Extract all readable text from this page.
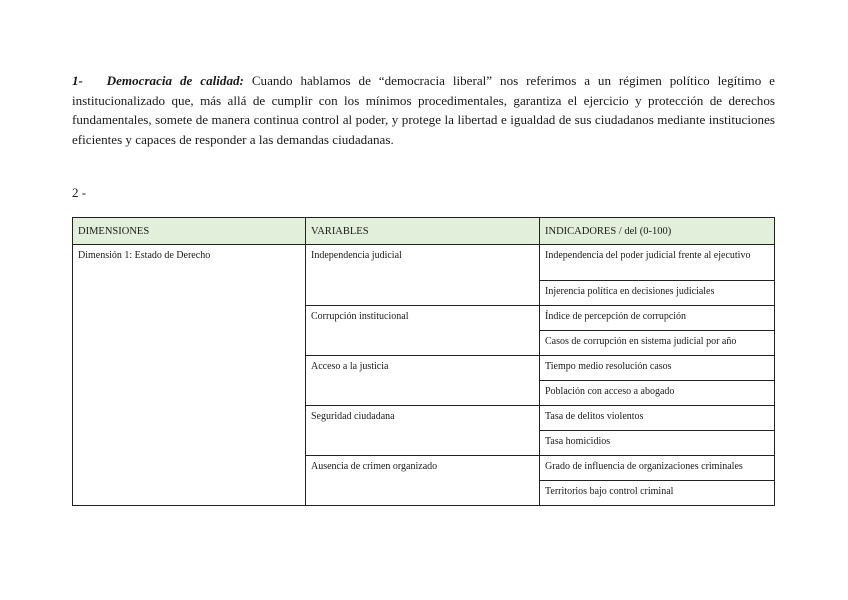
1- Democracia de calidad: Cuando hablamos de “democracia liberal” nos referimos a un régimen político legítimo e institucionalizado que, más allá de cumplir con los mínimos procedimentales, garantiza el ejercicio y protección de derechos fundamentales, somete de manera continua control al poder, y protege la libertad e igualdad de sus ciudadanos mediante instituciones eficientes y capaces de responder a las demandas ciudadanas.
2 -
DIMENSIONES	VARIABLES	INDICADORES / del (0-100)
Dimensión 1: Estado de Derecho	Independencia judicial	Independencia del poder judicial frente al ejecutivo
		Injerencia política en decisiones judiciales
	Corrupción institucional	Índice de percepción de corrupción
		Casos de corrupción en sistema judicial por año
	Acceso a la justicia	Tiempo medio resolución casos
		Población con acceso a abogado
	Seguridad ciudadana	Tasa de delitos violentos
		Tasa homicidios
	Ausencia de crimen organizado	Grado de influencia de organizaciones criminales
		Territorios bajo control criminal
